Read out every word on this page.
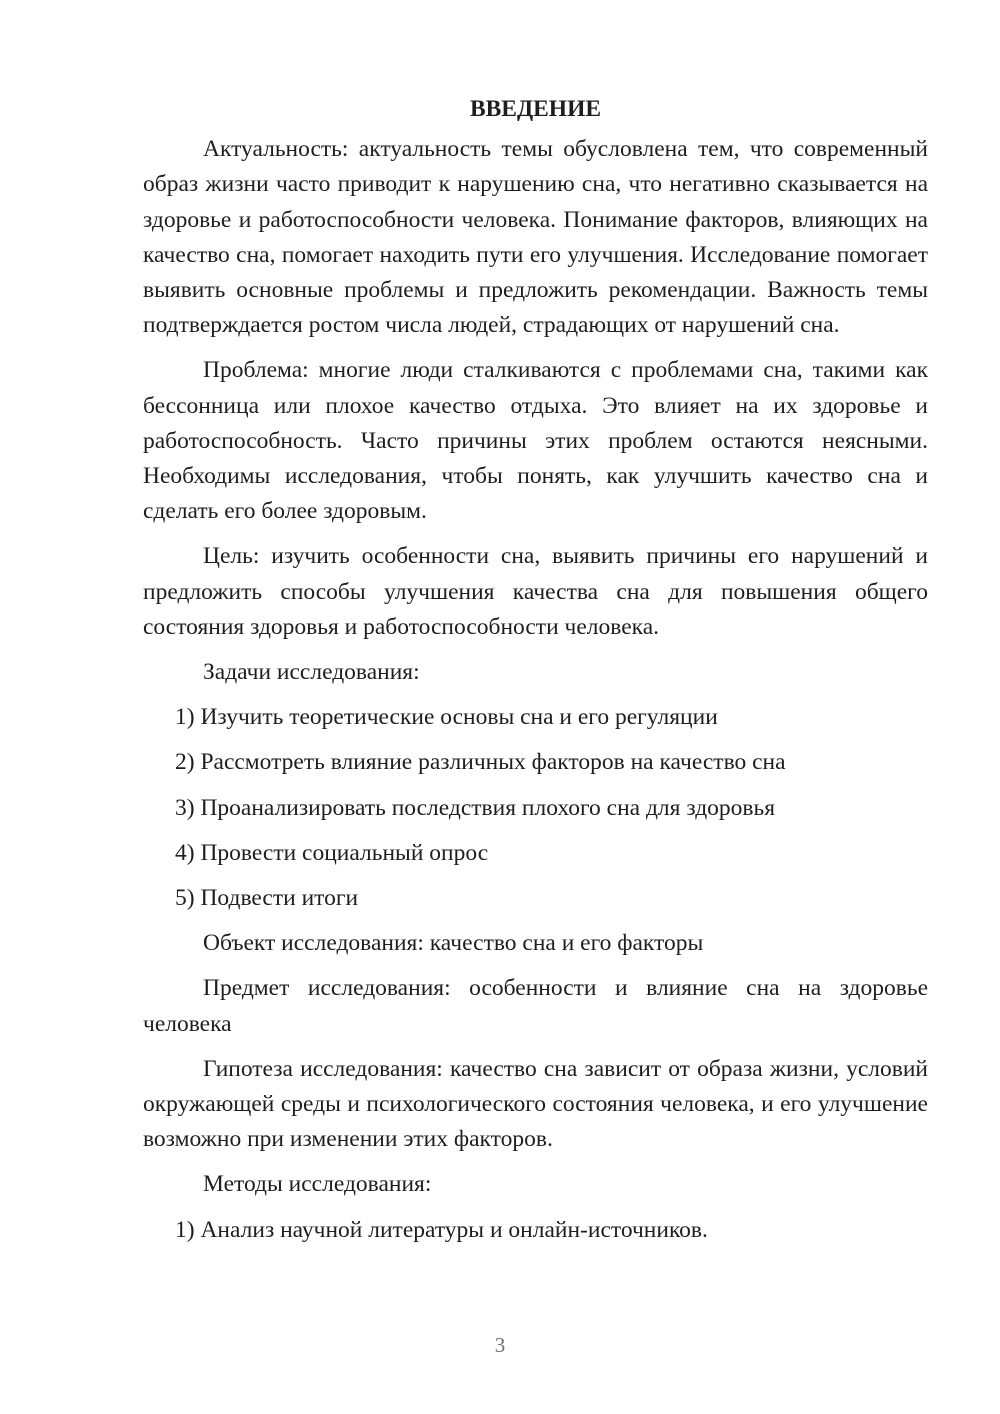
ВВЕДЕНИЕ

Актуальность: актуальность темы обусловлена тем, что современный образ жизни часто приводит к нарушению сна, что негативно сказывается на здоровье и работоспособности человека. Понимание факторов, влияющих на качество сна, помогает находить пути его улучшения. Исследование помогает выявить основные проблемы и предложить рекомендации. Важность темы подтверждается ростом числа людей, страдающих от нарушений сна.

Проблема: многие люди сталкиваются с проблемами сна, такими как бессонница или плохое качество отдыха. Это влияет на их здоровье и работоспособность. Часто причины этих проблем остаются неясными. Необходимы исследования, чтобы понять, как улучшить качество сна и сделать его более здоровым.

Цель: изучить особенности сна, выявить причины его нарушений и предложить способы улучшения качества сна для повышения общего состояния здоровья и работоспособности человека.

Задачи исследования:

1) Изучить теоретические основы сна и его регуляции
2) Рассмотреть влияние различных факторов на качество сна
3) Проанализировать последствия плохого сна для здоровья
4) Провести социальный опрос
5) Подвести итоги

Объект исследования: качество сна и его факторы

Предмет исследования: особенности и влияние сна на здоровье человека

Гипотеза исследования: качество сна зависит от образа жизни, условий окружающей среды и психологического состояния человека, и его улучшение возможно при изменении этих факторов.

Методы исследования:

1) Анализ научной литературы и онлайн-источников.
3
